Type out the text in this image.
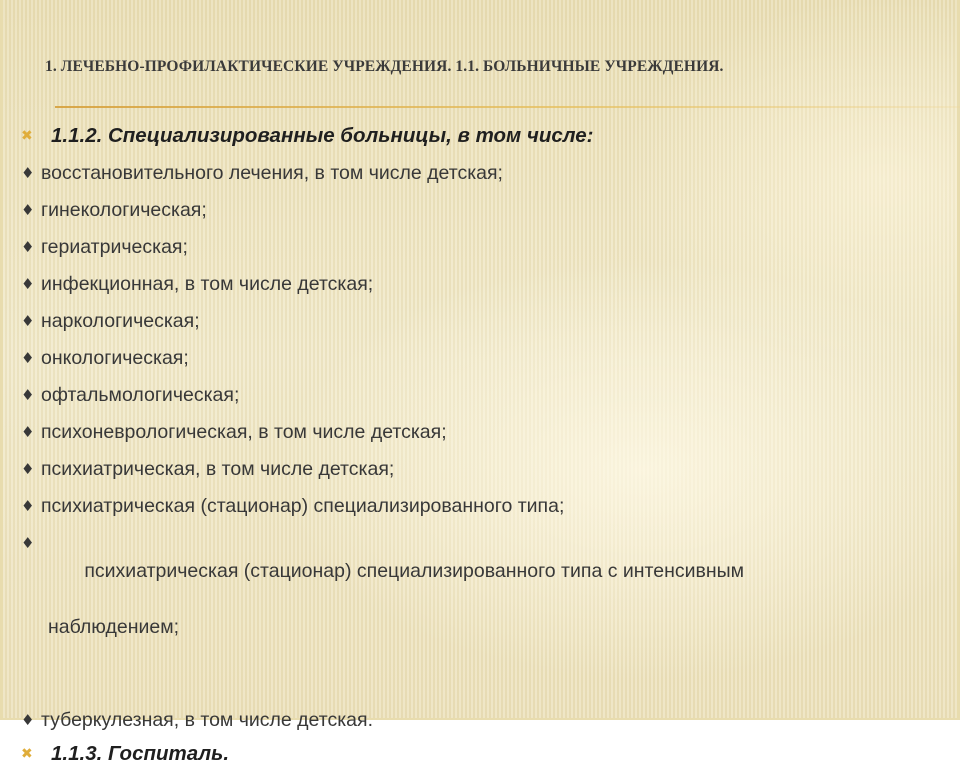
1. ЛЕЧЕБНО-ПРОФИЛАКТИЧЕСКИЕ УЧРЕЖДЕНИЯ. 1.1. БОЛЬНИЧНЫЕ УЧРЕЖДЕНИЯ.
✖ 1.1.2. Специализированные больницы, в том числе:
♦ восстановительного лечения, в том числе детская;
♦ гинекологическая;
♦ гериатрическая;
♦ инфекционная, в том числе детская;
♦ наркологическая;
♦ онкологическая;
♦ офтальмологическая;
♦ психоневрологическая, в том числе детская;
♦ психиатрическая, в том числе детская;
♦ психиатрическая (стационар) специализированного типа;
♦

психиатрическая (стационар) специализированного типа с интенсивным

наблюдением;

♦ туберкулезная, в том числе детская.
✖ 1.1.3. Госпиталь.
